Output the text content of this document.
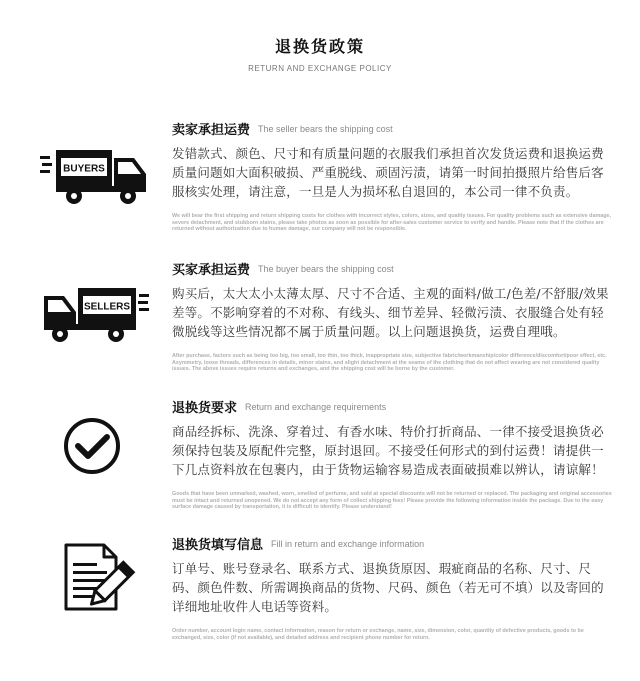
退换货政策
RETURN AND EXCHANGE POLICY
BUYERS
卖家承担运费 The seller bears the shipping cost
发错款式、颜色、尺寸和有质量问题的衣服我们承担首次发货运费和退换运费 质量问题如大面积破损、严重脱线、顽固污渍，请第一时间拍摄照片给售后客服核实处理，请注意，一旦是人为损坏私自退回的，本公司一律不负责。
We will bear the first shipping and return shipping costs for clothes with incorrect styles, colors, sizes, and quality issues. For quality problems such as extensive damage, severe detachment, and stubborn stains, please take photos as soon as possible for after-sales customer service to verify and handle. Please note that if the clothes are returned without authorization due to human damage, our company will not be responsible.
SELLERS
买家承担运费 The buyer bears the shipping cost
购买后，太大太小太薄太厚、尺寸不合适、主观的面料/做工/色差/不舒服/效果差等。不影响穿着的不对称、有线头、细节差异、轻微污渍、衣服缝合处有轻微脱线等这些情况都不属于质量问题。以上问题退换货，运费自理哦。
After purchase, factors such as being too big, too small, too thin, too thick, inappropriate size, subjective fabric/workmanship/color difference/discomfort/poor effect, etc. Asymmetry, loose threads, differences in details, minor stains, and slight detachment at the seams of the clothing that do not affect wearing are not considered quality issues. The above issues require returns and exchanges, and the shipping cost will be borne by the customer.
退换货要求 Return and exchange requirements
商品经拆标、洗涤、穿着过、有香水味、特价打折商品、一律不接受退换货必须保持包装及原配件完整，原封退回。不接受任何形式的到付运费！请提供一下几点资料放在包裹内，由于货物运输容易造成表面破损难以辨认，请谅解！
Goods that have been unmarked, washed, worn, smelled of perfume, and sold at special discounts will not be returned or replaced. The packaging and original accessories must be intact and returned unopened. We do not accept any form of collect shipping fees! Please provide the following information inside the package. Due to the easy surface damage caused by transportation, it is difficult to identify. Please understand!
退换货填写信息 Fill in return and exchange information
订单号、账号登录名、联系方式、退换货原因、瑕疵商品的名称、尺寸、尺码、颜色件数、所需调换商品的货物、尺码、颜色（若无可不填）以及寄回的详细地址收件人电话等资料。
Order number, account login name, contact information, reason for return or exchange, name, size, dimension, color, quantity of defective products, goods to be exchanged, size, color (if not available), and detailed address and recipient phone number for return.
